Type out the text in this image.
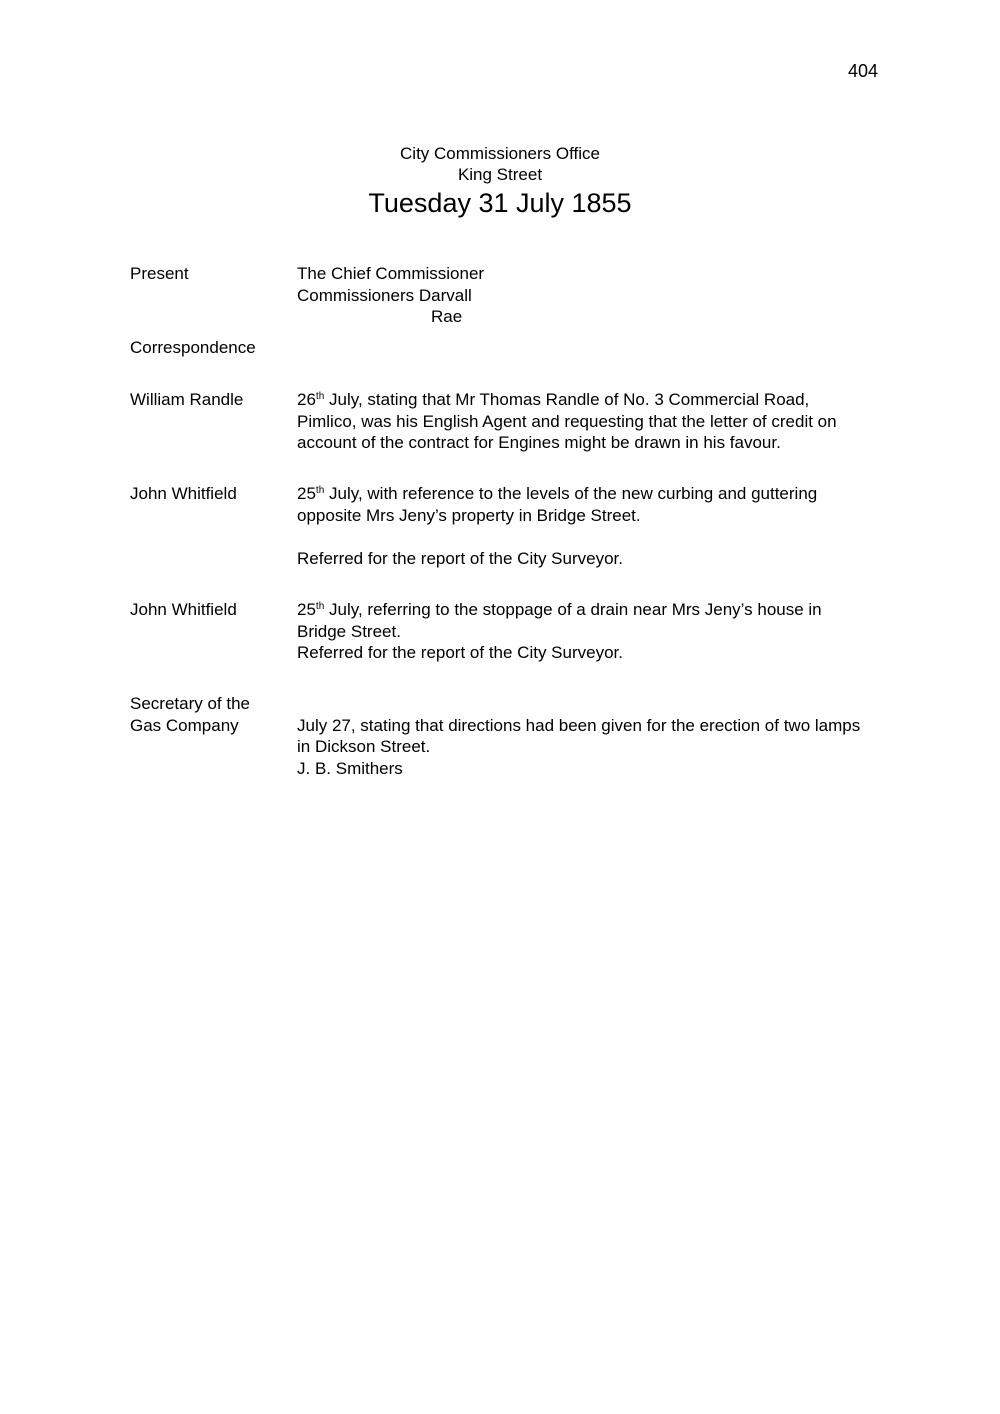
404
City Commissioners Office
King Street
Tuesday 31 July 1855
Present	The Chief Commissioner
Commissioners Darvall
Rae
Correspondence
William Randle	26th July, stating that Mr Thomas Randle of No. 3 Commercial Road,
Pimlico, was his English Agent and requesting that the letter of credit on
account of the contract for Engines might be drawn in his favour.
John Whitfield	25th July, with reference to the levels of the new curbing and guttering
opposite Mrs Jeny’s property in Bridge Street.
Referred for the report of the City Surveyor.
John Whitfield	25th July, referring to the stoppage of a drain near Mrs Jeny’s house in
Bridge Street.
Referred for the report of the City Surveyor.
Secretary of the
Gas Company	July 27, stating that directions had been given for the erection of two lamps
in Dickson Street.
J. B. Smithers
